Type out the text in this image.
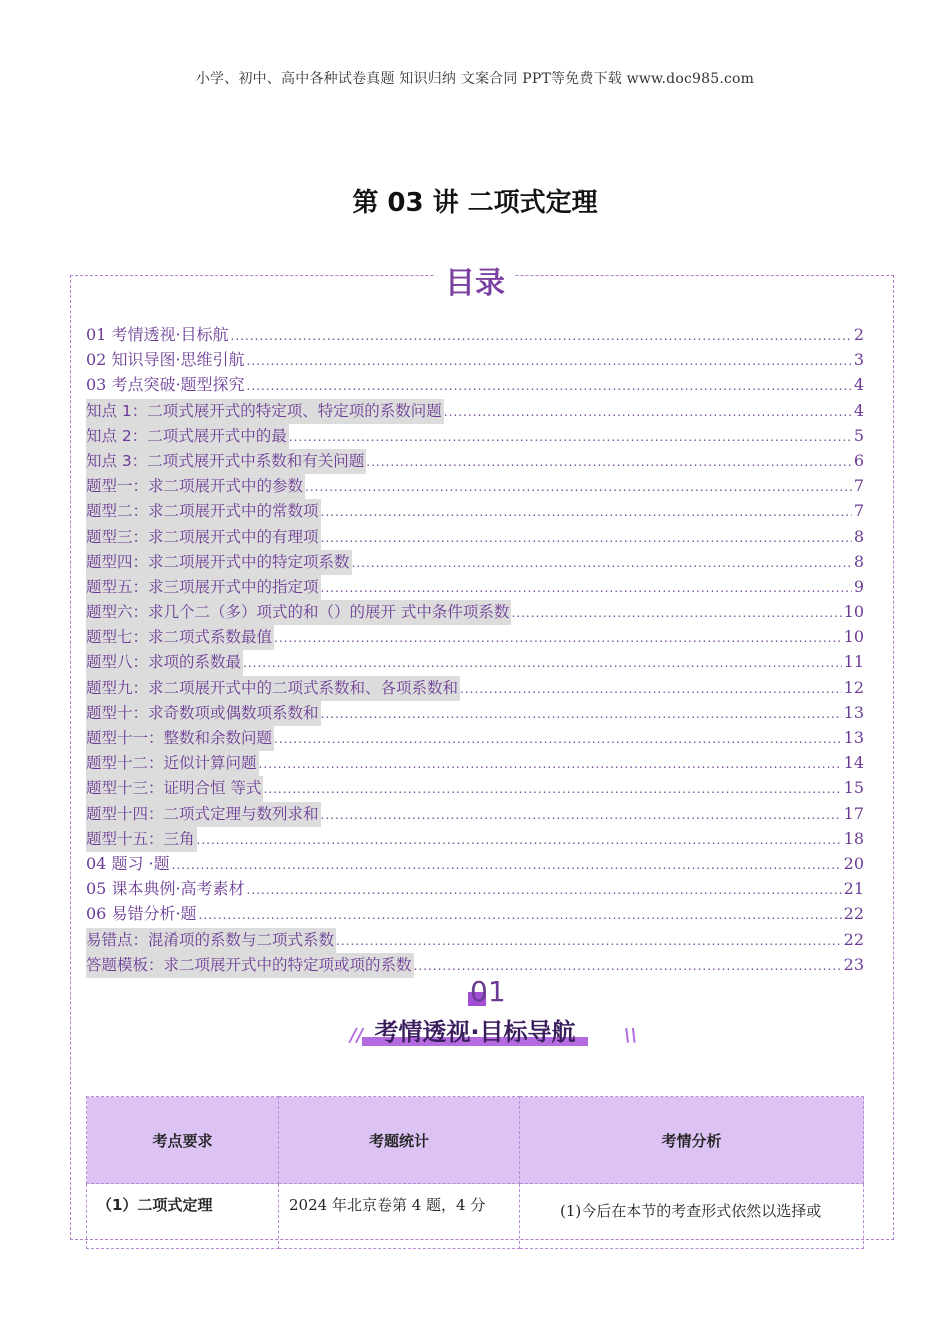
小学、初中、高中各种试卷真题 知识归纳 文案合同 PPT等免费下载 www.doc985.com
第 03 讲 二项式定理
目录
01 考情透视·目标航 .....	2
02 知识导图·思维引航 .....	3
03 考点突破·题型探究 .....	4
知点 1：二项式展开式的特定项、特定项的系数问题 .....	4
知点 2：二项式展开式中的最 .....	5
知点 3：二项式展开式中系数和有关问题 .....	6
题型一：求二项展开式中的参数 .....	7
题型二：求二项展开式中的常数项 .....	7
题型三：求二项展开式中的有理项 .....	8
题型四：求二项展开式中的特定项系数 .....	8
题型五：求三项展开式中的指定项 .....	9
题型六：求几个二（多）项式的和（）的展开 式中条件项系数 .....	10
题型七：求二项式系数最值 .....	10
题型八：求项的系数最 .....	11
题型九：求二项展开式中的二项式系数和、各项系数和 .....	12
题型十：求奇数项或偶数项系数和 .....	13
题型十一：整数和余数问题 .....	13
题型十二：近似计算问题 .....	14
题型十三：证明合恒 等式 .....	15
题型十四：二项式定理与数列求和 .....	17
题型十五：三角 .....	18
04 题习 ·题 .....	20
05 课本典例·高考素材 .....	21
06 易错分析·题 .....	22
易错点：混淆项的系数与二项式系数 .....	22
答题模板：求二项展开式中的特定项或项的系数 .....	23
01
// 考情透视·目标导航	\\
考点要求	考题统计	考情分析
（1）二项式定理	2024 年北京卷第 4 题，4 分	(1)今后在本节的考查形式依然以选择或
